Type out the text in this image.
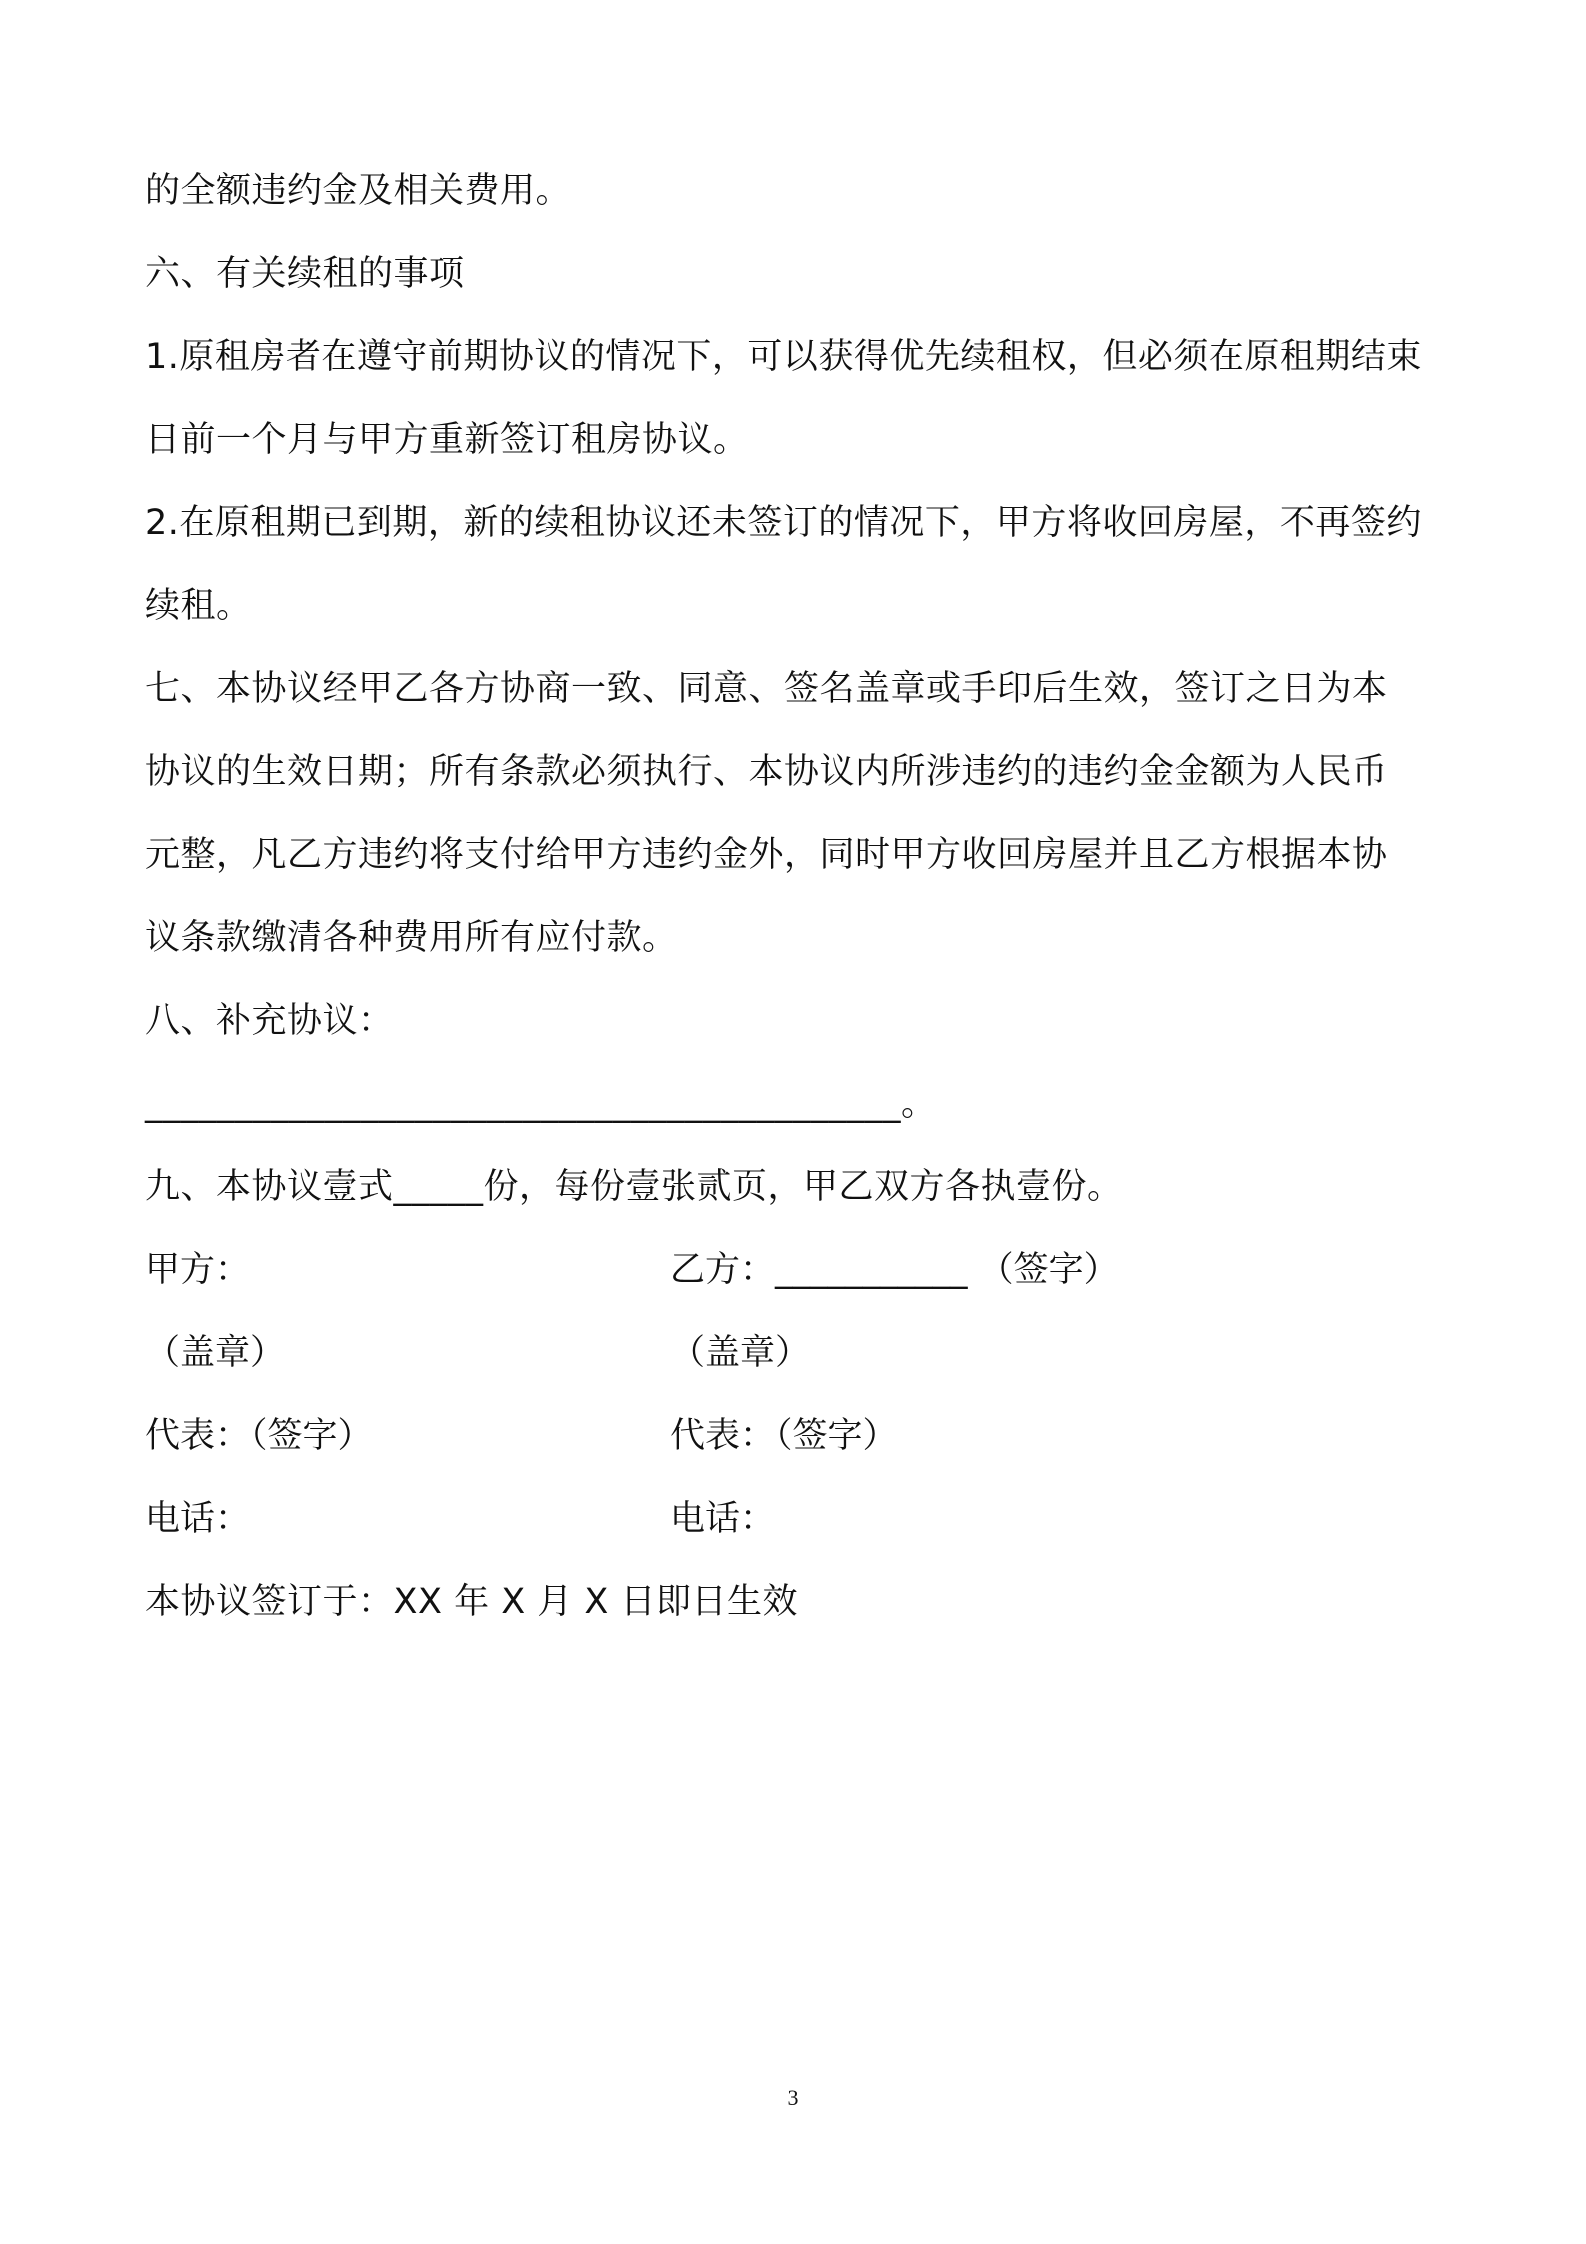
的全额违约金及相关费用。
六、有关续租的事项
1.原租房者在遵守前期协议的情况下，可以获得优先续租权，但必须在原租期结束
日前一个月与甲方重新签订租房协议。
2.在原租期已到期，新的续租协议还未签订的情况下，甲方将收回房屋，不再签约
续租。
七、本协议经甲乙各方协商一致、同意、签名盖章或手印后生效，签订之日为本
协议的生效日期；所有条款必须执行、本协议内所涉违约的违约金金额为人民币
元整，凡乙方违约将支付给甲方违约金外，同时甲方收回房屋并且乙方根据本协
议条款缴清各种费用所有应付款。
八、补充协议：
__________________________________________。
九、本协议壹式_____份，每份壹张贰页，甲乙双方各执壹份。
甲方：	乙方：___________ （签字）
（盖章）	（盖章）
代表：（签字）	代表：（签字）
电话：	电话：
本协议签订于：XX 年 X 月 X 日即日生效
3
